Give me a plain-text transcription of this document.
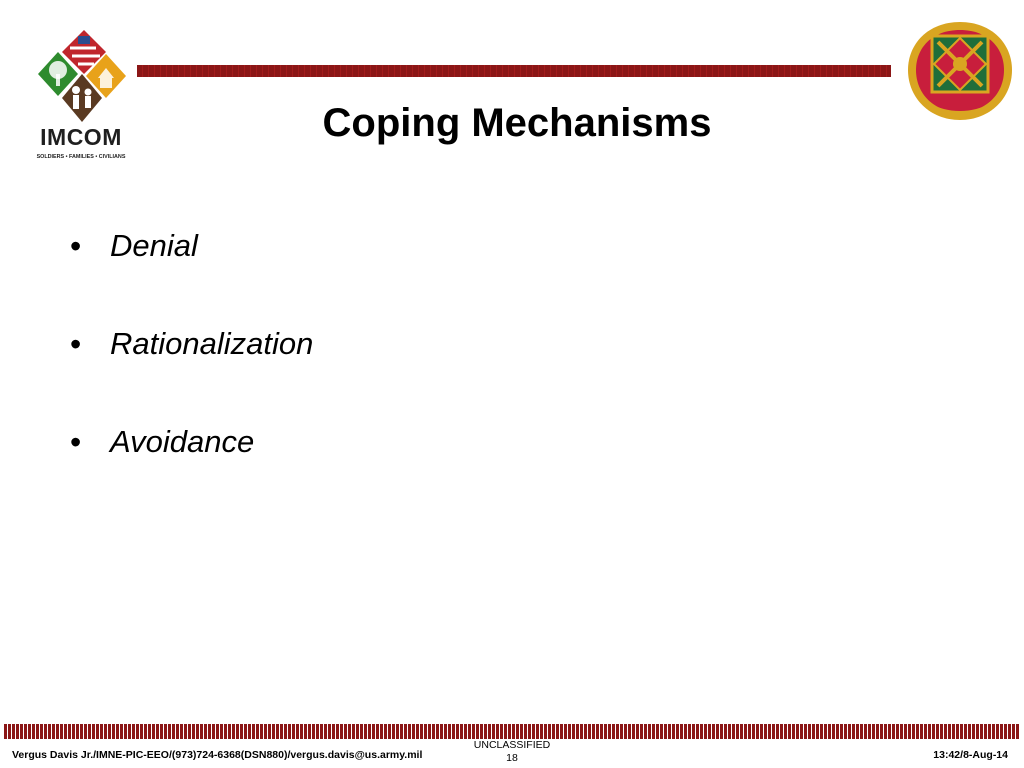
IMCOM
SOLDIERS • FAMILIES • CIVILIANS
Coping Mechanisms
• Denial
• Rationalization
• Avoidance
Vergus Davis Jr./IMNE-PIC-EEO/(973)724-6368(DSN880)/vergus.davis@us.army.mil
UNCLASSIFIED
18	13:42/8-Aug-14
